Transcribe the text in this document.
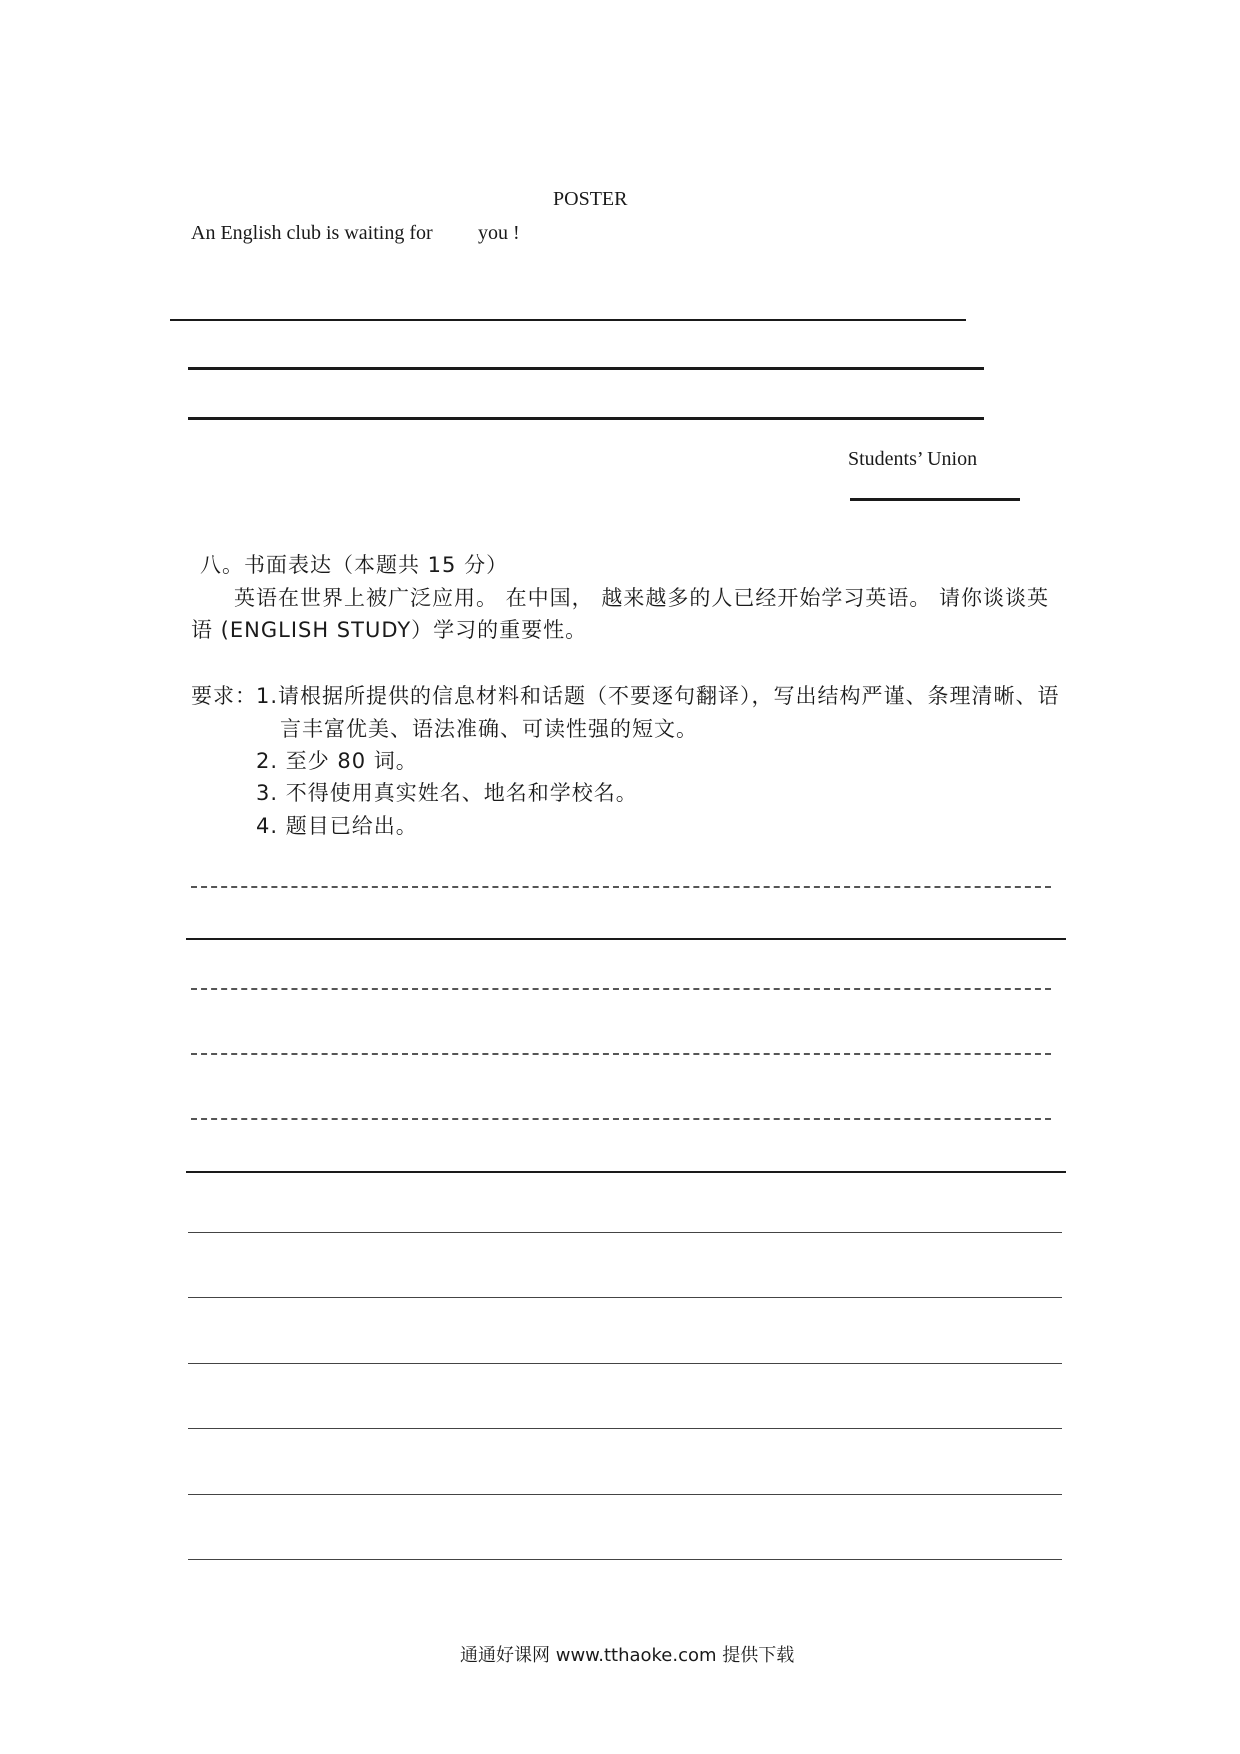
POSTER
An English club is waiting for you !
Students’ Union
八。书面表达（本题共 15 分）
英语在世界上被广泛应用。 在中国， 越来越多的人已经开始学习英语。 请你谈谈英
语 (ENGLISH STUDY）学习的重要性。
要求： 1.请根据所提供的信息材料和话题（不要逐句翻译），写出结构严谨、条理清晰、语
言丰富优美、语法准确、可读性强的短文。
2. 至少 80 词。
3. 不得使用真实姓名、地名和学校名。
4. 题目已给出。
通通好课网 www.tthaoke.com 提供下载
